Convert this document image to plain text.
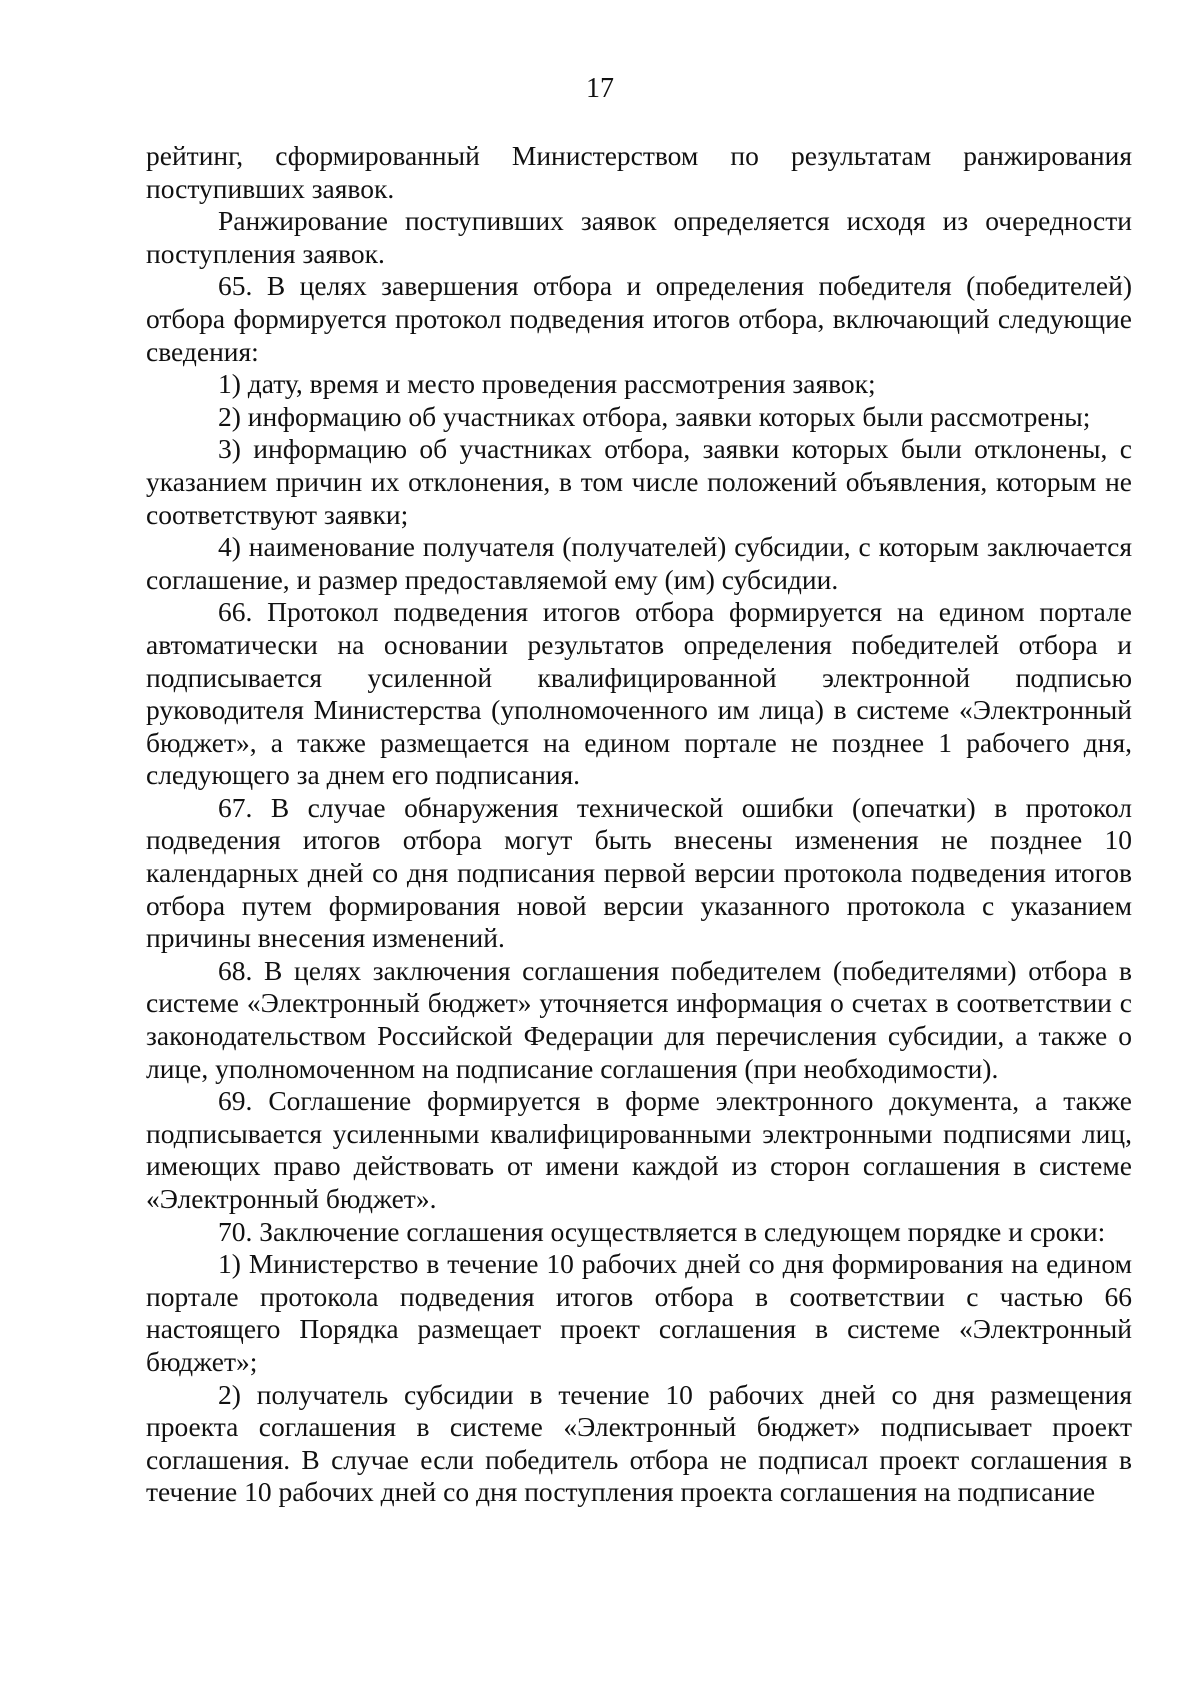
17

рейтинг, сформированный Министерством по результатам ранжирования поступивших заявок.

Ранжирование поступивших заявок определяется исходя из очередности поступления заявок.

65. В целях завершения отбора и определения победителя (победителей) отбора формируется протокол подведения итогов отбора, включающий следующие сведения:

1) дату, время и место проведения рассмотрения заявок;

2) информацию об участниках отбора, заявки которых были рассмотрены;

3) информацию об участниках отбора, заявки которых были отклонены, с указанием причин их отклонения, в том числе положений объявления, которым не соответствуют заявки;

4) наименование получателя (получателей) субсидии, с которым заключается соглашение, и размер предоставляемой ему (им) субсидии.

66. Протокол подведения итогов отбора формируется на едином портале автоматически на основании результатов определения победителей отбора и подписывается усиленной квалифицированной электронной подписью руководителя Министерства (уполномоченного им лица) в системе «Электронный бюджет», а также размещается на едином портале не позднее 1 рабочего дня, следующего за днем его подписания.

67. В случае обнаружения технической ошибки (опечатки) в протокол подведения итогов отбора могут быть внесены изменения не позднее 10 календарных дней со дня подписания первой версии протокола подведения итогов отбора путем формирования новой версии указанного протокола с указанием причины внесения изменений.

68. В целях заключения соглашения победителем (победителями) отбора в системе «Электронный бюджет» уточняется информация о счетах в соответствии с законодательством Российской Федерации для перечисления субсидии, а также о лице, уполномоченном на подписание соглашения (при необходимости).

69. Соглашение формируется в форме электронного документа, а также подписывается усиленными квалифицированными электронными подписями лиц, имеющих право действовать от имени каждой из сторон соглашения в системе «Электронный бюджет».

70. Заключение соглашения осуществляется в следующем порядке и сроки:

1) Министерство в течение 10 рабочих дней со дня формирования на едином портале протокола подведения итогов отбора в соответствии с частью 66 настоящего Порядка размещает проект соглашения в системе «Электронный бюджет»;

2) получатель субсидии в течение 10 рабочих дней со дня размещения проекта соглашения в системе «Электронный бюджет» подписывает проект соглашения. В случае если победитель отбора не подписал проект соглашения в течение 10 рабочих дней со дня поступления проекта соглашения на подписание
